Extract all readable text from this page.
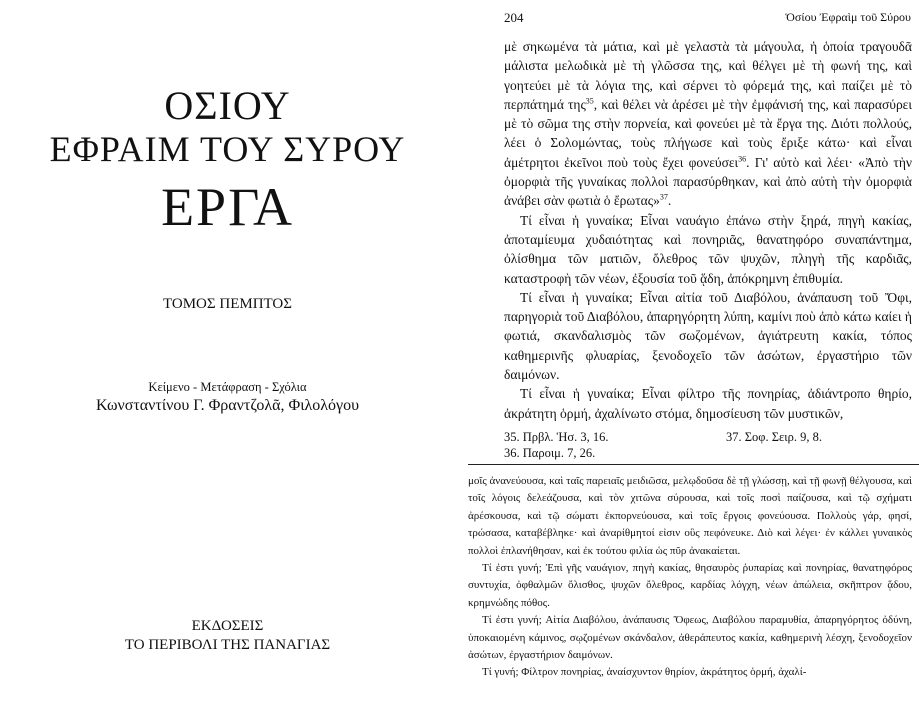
ΟΣΙΟΥ
ΕΦΡΑΙΜ ΤΟΥ ΣΥΡΟΥ
ΕΡΓΑ
ΤΟΜΟΣ ΠΕΜΠΤΟΣ
Κείμενο - Μετάφραση - Σχόλια
Κωνσταντίνου Γ. Φραντζολᾶ, Φιλολόγου
ΕΚΔΟΣΕΙΣ
ΤΟ ΠΕΡΙΒΟΛΙ ΤΗΣ ΠΑΝΑΓΙΑΣ
204	Ὁσίου Ἐφραὶμ τοῦ Σύρου

μὲ σηκωμένα τὰ μάτια, καὶ μὲ γελαστὰ τὰ μάγουλα, ἡ ὁποία τραγουδᾶ μάλιστα μελωδικὰ μὲ τὴ γλῶσσα της, καὶ θέλγει μὲ τὴ φωνή της, καὶ γοητεύει μὲ τὰ λόγια της, καὶ σέρνει τὸ φόρεμά της, καὶ παίζει μὲ τὸ περπάτημά της$^{35}$, καὶ θέλει νὰ ἀρέσει μὲ τὴν ἐμφάνισή της, καὶ παρασύρει μὲ τὸ σῶμα της στὴν πορνεία, καὶ φονεύει μὲ τὰ ἔργα της. Διότι πολλούς, λέει ὁ Σολομώντας, τοὺς πλήγωσε καὶ τοὺς ἔριξε κάτω· καὶ εἶναι ἀμέτρητοι ἐκεῖνοι ποὺ τοὺς ἔχει φονεύσει$^{36}$. Γι' αὐτὸ καὶ λέει· «Ἀπὸ τὴν ὀμορφιὰ τῆς γυναίκας πολλοὶ παρασύρθηκαν, καὶ ἀπὸ αὐτὴ τὴν ὀμορφιὰ ἀνάβει σὰν φωτιὰ ὁ ἔρωτας»$^{37}$.

Τί εἶναι ἡ γυναίκα; Εἶναι ναυάγιο ἐπάνω στὴν ξηρά, πηγὴ κακίας, ἀποταμίευμα χυδαιότητας καὶ πονηριᾶς, θανατηφόρο συναπάντημα, ὀλίσθημα τῶν ματιῶν, ὄλεθρος τῶν ψυχῶν, πληγὴ τῆς καρδιᾶς, καταστροφὴ τῶν νέων, ἐξουσία τοῦ ᾅδη, ἀπόκρημνη ἐπιθυμία.

Τί εἶναι ἡ γυναίκα; Εἶναι αἰτία τοῦ Διαβόλου, ἀνάπαυση τοῦ Ὄφι, παρηγοριὰ τοῦ Διαβόλου, ἀπαρηγόρητη λύπη, καμίνι ποὺ ἀπὸ κάτω καίει ἡ φωτιά, σκανδαλισμὸς τῶν σωζομένων, ἀγιάτρευτη κακία, τόπος καθημερινῆς φλυαρίας, ξενοδοχεῖο τῶν ἀσώτων, ἐργαστήριο τῶν δαιμόνων.

Τί εἶναι ἡ γυναίκα; Εἶναι φίλτρο τῆς πονηρίας, ἀδιάντροπο θηρίο, ἀκράτητη ὁρμή, ἀχαλίνωτο στόμα, δημοσίευση τῶν μυστικῶν,

35. Πρβλ. Ἡσ. 3, 16.	37. Σοφ. Σειρ. 9, 8.
36. Παροιμ. 7, 26.

μοῖς ἀνανεύουσα, καὶ ταῖς παρειαῖς μειδιῶσα, μελῳδοῦσα δὲ τῇ γλώσσῃ, καὶ τῇ φωνῇ θέλγουσα, καὶ τοῖς λόγοις δελεάζουσα, καὶ τὸν χιτῶνα σύρουσα, καὶ τοῖς ποσὶ παίζουσα, καὶ τῷ σχήματι ἀρέσκουσα, καὶ τῷ σώματι ἐκπορνεύουσα, καὶ τοῖς ἔργοις φονεύουσα. Πολλοὺς γάρ, φησί, τρώσασα, καταβέβληκε· καὶ ἀναρίθμητοί εἰσιν οὓς πεφόνευκε. Διὸ καὶ λέγει· ἐν κάλλει γυναικὸς πολλοὶ ἐπλανήθησαν, καὶ ἐκ τούτου φιλία ὡς πῦρ ἀνακαίεται.

Τί ἐστι γυνή; Ἐπὶ γῆς ναυάγιον, πηγὴ κακίας, θησαυρὸς ῥυπαρίας καὶ πονηρίας, θανατηφόρος συντυχία, ὀφθαλμῶν ὄλισθος, ψυχῶν ὄλεθρος, καρδίας λόγχη, νέων ἀπώλεια, σκῆπτρον ᾅδου, κρημνώδης πόθος.

Τί ἐστι γυνή; Αἰτία Διαβόλου, ἀνάπαυσις Ὄφεως, Διαβόλου παραμυθία, ἀπαρηγόρητος ὀδύνη, ὑποκαιομένη κάμινος, σῳζομένων σκάνδαλον, ἀθεράπευτος κακία, καθημερινὴ λέσχη, ξενοδοχεῖον ἀσώτων, ἐργαστήριον δαιμόνων.

Τί γυνή; Φίλτρον πονηρίας, ἀναίσχυντον θηρίον, ἀκράτητος ὁρμή, ἀχαλί-
